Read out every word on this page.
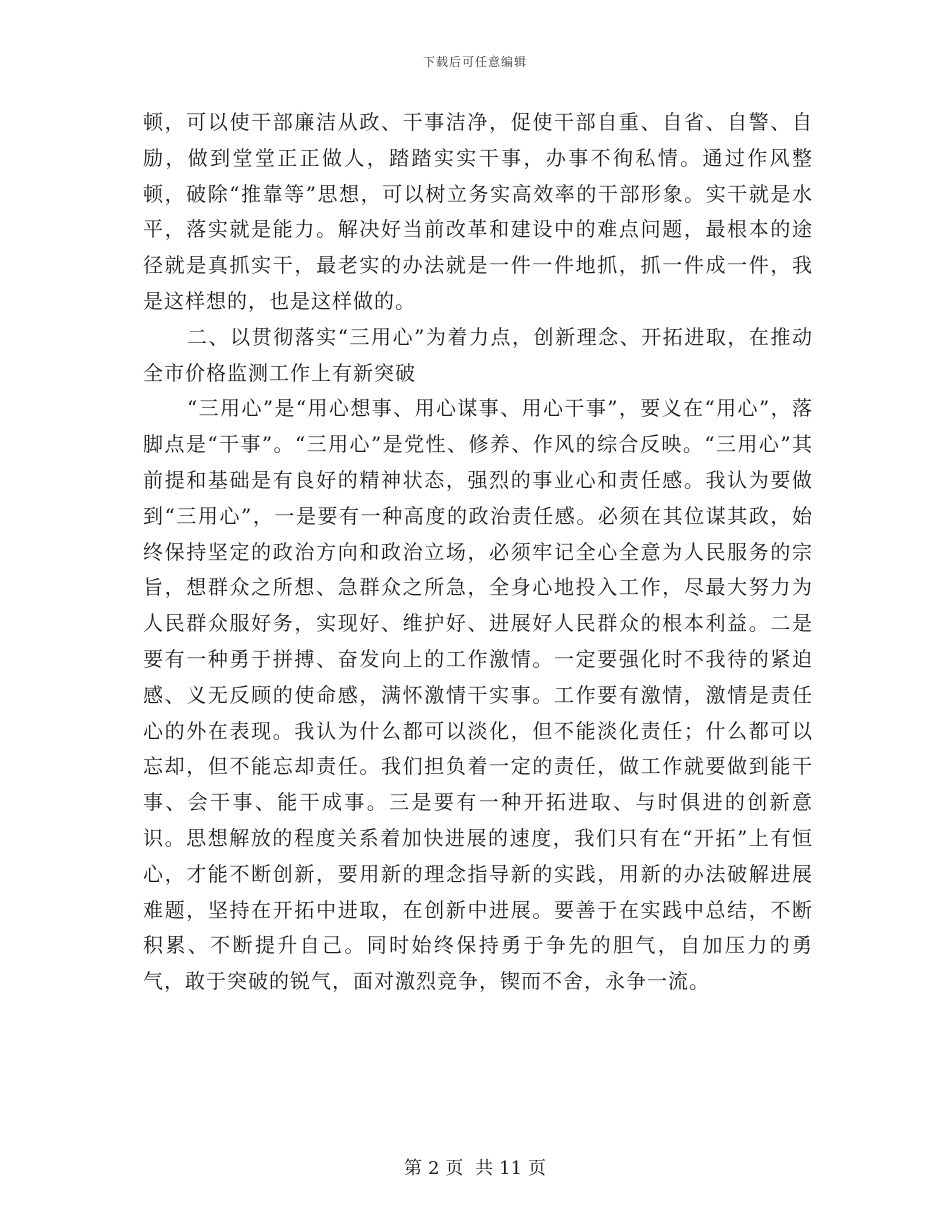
下载后可任意编辑

顿，可以使干部廉洁从政、干事洁净，促使干部自重、自省、自警、自励，做到堂堂正正做人，踏踏实实干事，办事不徇私情。通过作风整顿，破除“推靠等”思想，可以树立务实高效率的干部形象。实干就是水平，落实就是能力。解决好当前改革和建设中的难点问题，最根本的途径就是真抓实干，最老实的办法就是一件一件地抓，抓一件成一件，我是这样想的，也是这样做的。

二、以贯彻落实“三用心”为着力点，创新理念、开拓进取，在推动全市价格监测工作上有新突破

“三用心”是“用心想事、用心谋事、用心干事”，要义在“用心”，落脚点是“干事”。“三用心”是党性、修养、作风的综合反映。“三用心”其前提和基础是有良好的精神状态，强烈的事业心和责任感。我认为要做到“三用心”，一是要有一种高度的政治责任感。必须在其位谋其政，始终保持坚定的政治方向和政治立场，必须牢记全心全意为人民服务的宗旨，想群众之所想、急群众之所急，全身心地投入工作，尽最大努力为人民群众服好务，实现好、维护好、进展好人民群众的根本利益。二是要有一种勇于拼搏、奋发向上的工作激情。一定要强化时不我待的紧迫感、义无反顾的使命感，满怀激情干实事。工作要有激情，激情是责任心的外在表现。我认为什么都可以淡化，但不能淡化责任；什么都可以忘却，但不能忘却责任。我们担负着一定的责任，做工作就要做到能干事、会干事、能干成事。三是要有一种开拓进取、与时俱进的创新意识。思想解放的程度关系着加快进展的速度，我们只有在“开拓”上有恒心，才能不断创新，要用新的理念指导新的实践，用新的办法破解进展难题，坚持在开拓中进取，在创新中进展。要善于在实践中总结，不断积累、不断提升自己。同时始终保持勇于争先的胆气，自加压力的勇气，敢于突破的锐气，面对激烈竞争，锲而不舍，永争一流。

第 2 页 共 11 页
